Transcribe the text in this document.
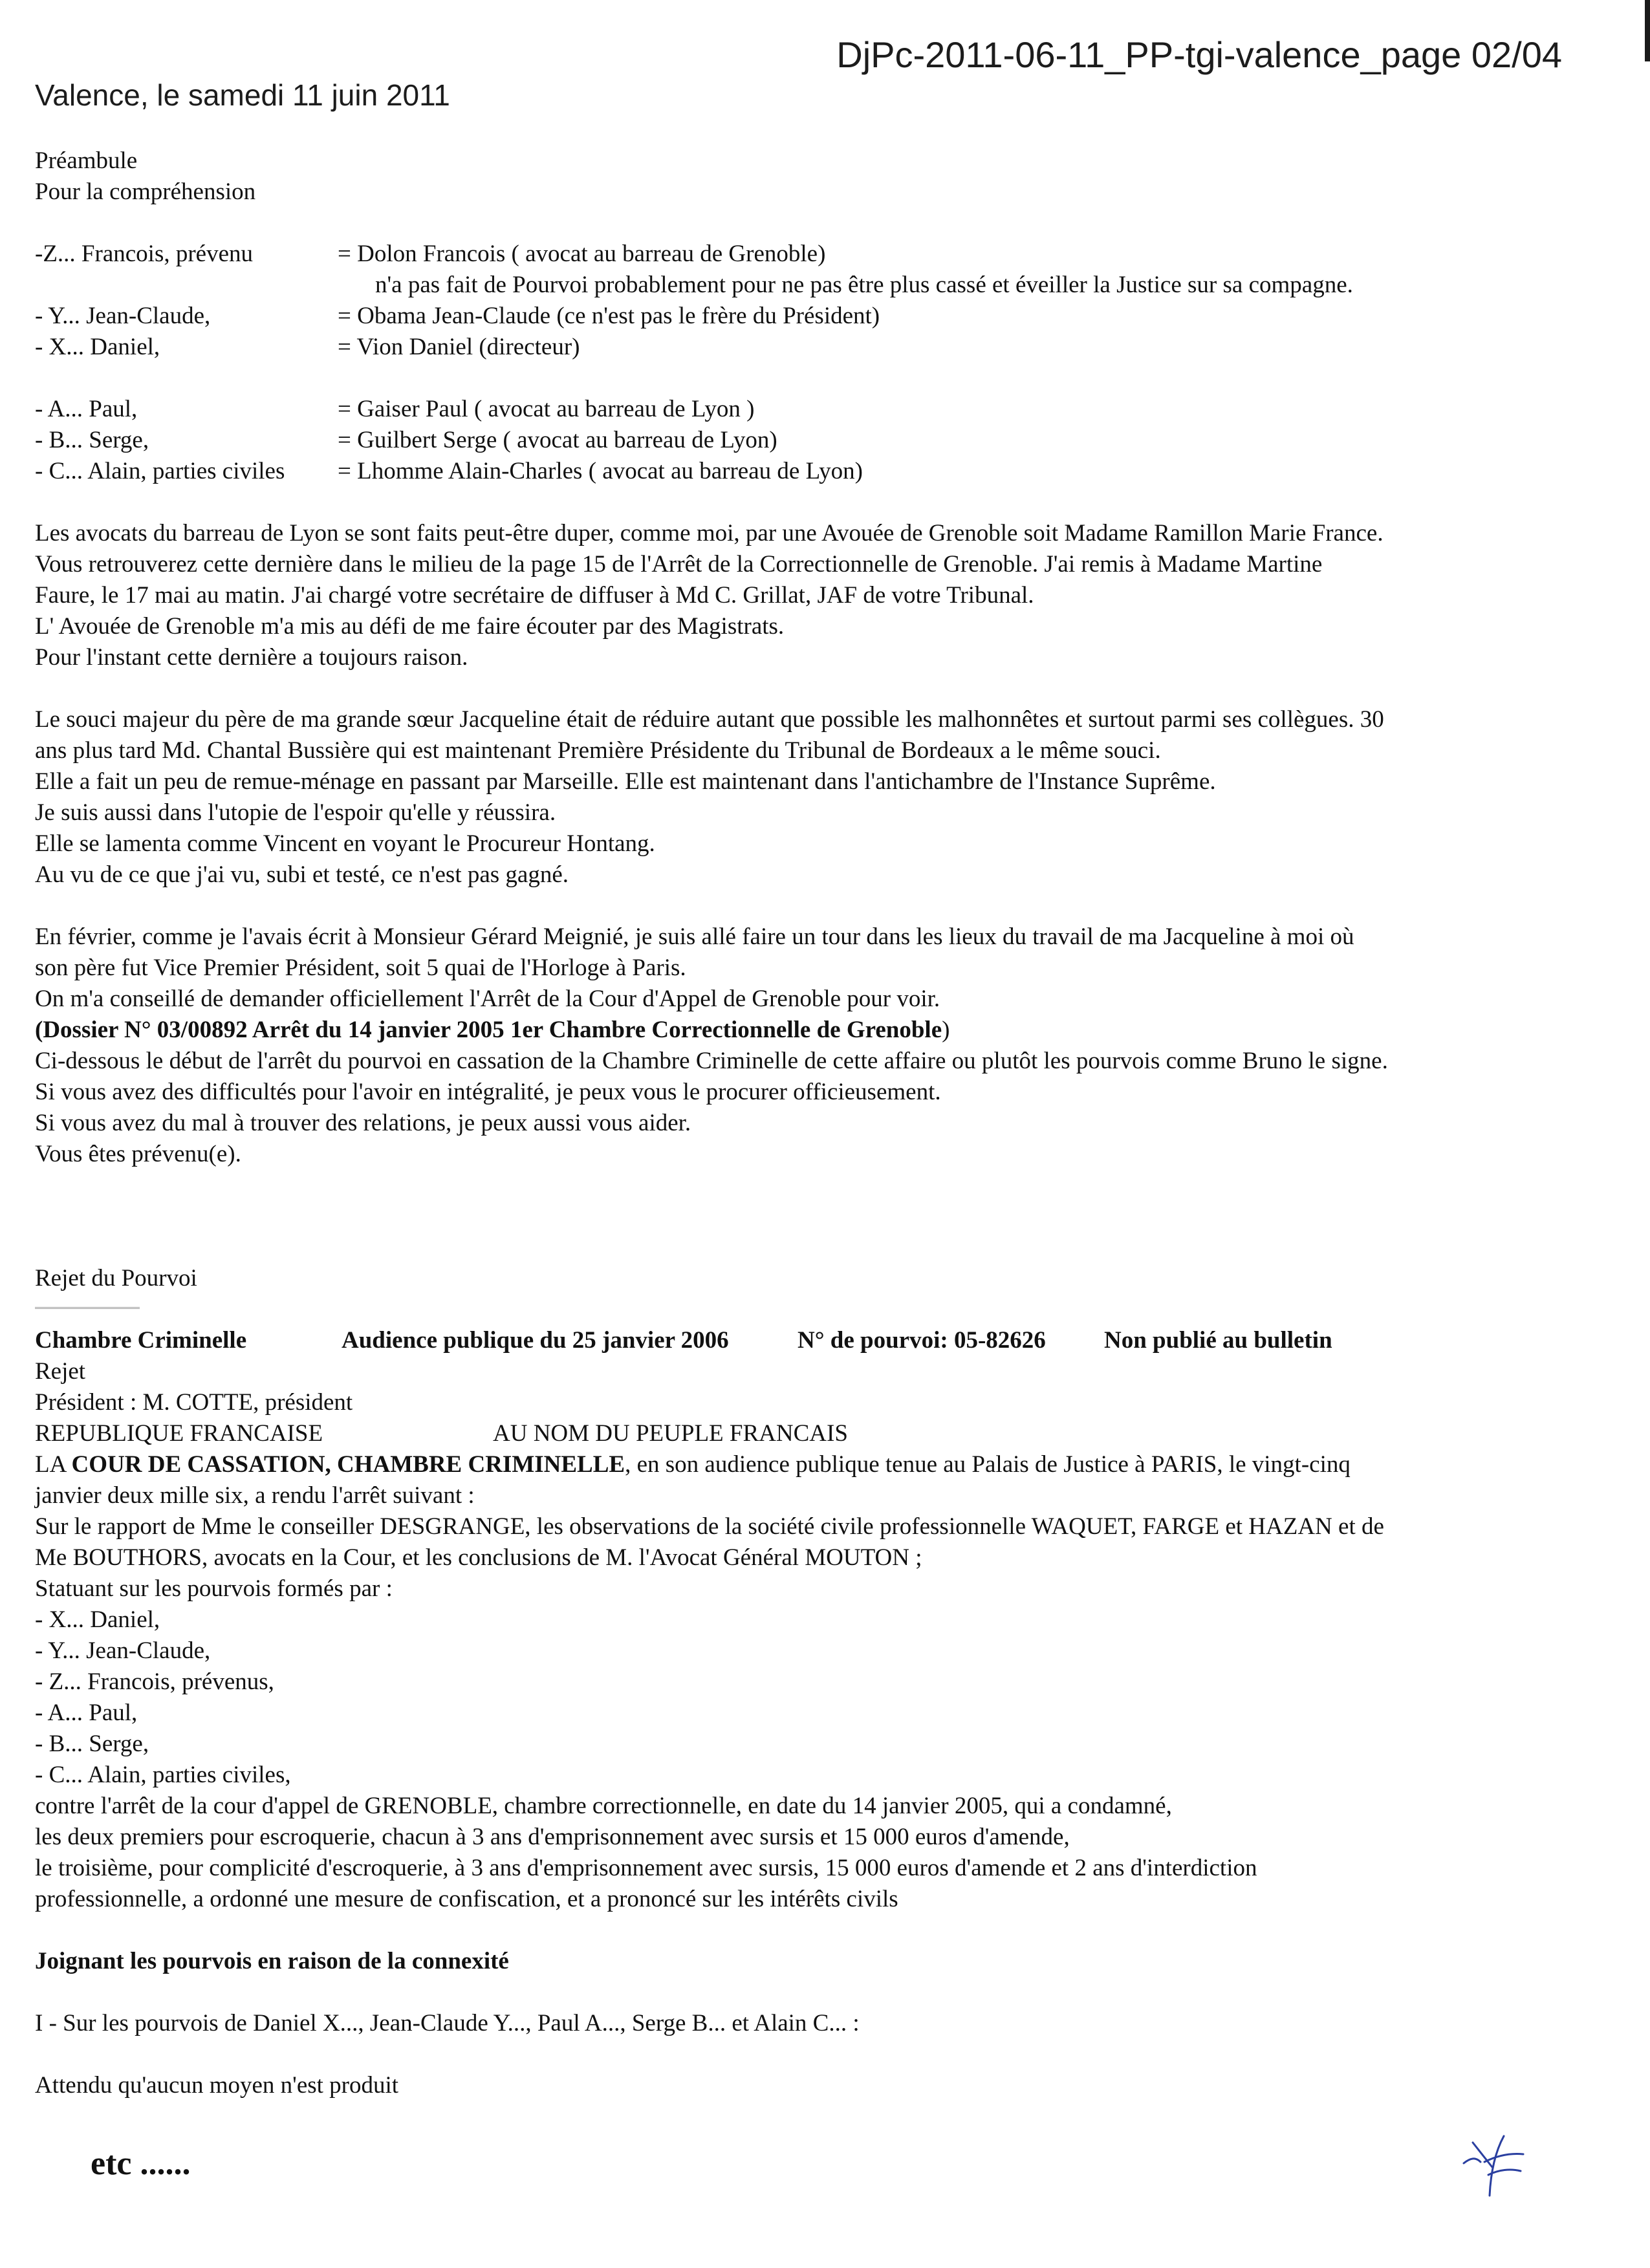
DjPc-2011-06-11_PP-tgi-valence_page 02/04
Valence, le samedi 11 juin 2011
Préambule
Pour la compréhension
-Z... Francois, prévenu	= Dolon Francois ( avocat au barreau de Grenoble)
n'a pas fait de Pourvoi probablement pour ne pas être plus cassé et éveiller la Justice sur sa compagne.
- Y... Jean-Claude,	= Obama Jean-Claude (ce n'est pas le frère du Président)
- X... Daniel,	= Vion Daniel (directeur)
- A... Paul,	= Gaiser Paul ( avocat au barreau de Lyon )
- B... Serge,	= Guilbert Serge ( avocat au barreau de Lyon)
- C... Alain, parties civiles = Lhomme Alain-Charles ( avocat au barreau de Lyon)
Les avocats du barreau de Lyon se sont faits peut-être duper, comme moi, par une Avouée de Grenoble soit Madame Ramillon Marie France.
Vous retrouverez cette dernière dans le milieu de la page 15 de l'Arrêt de la Correctionnelle de Grenoble. J'ai remis à Madame Martine
Faure, le 17 mai au matin. J'ai chargé votre secrétaire de diffuser à Md C. Grillat, JAF de votre Tribunal.
L' Avouée de Grenoble m'a mis au défi de me faire écouter par des Magistrats.
Pour l'instant cette dernière a toujours raison.
Le souci majeur du père de ma grande sœur Jacqueline était de réduire autant que possible les malhonnêtes et surtout parmi ses collègues. 30
ans plus tard Md. Chantal Bussière qui est maintenant Première Présidente du Tribunal de Bordeaux a le même souci.
Elle a fait un peu de remue-ménage en passant par Marseille. Elle est maintenant dans l'antichambre de l'Instance Suprême.
Je suis aussi dans l'utopie de l'espoir qu'elle y réussira.
Elle se lamenta comme Vincent en voyant le Procureur Hontang.
Au vu de ce que j'ai vu, subi et testé, ce n'est pas gagné.
En février, comme je l'avais écrit à Monsieur Gérard Meignié, je suis allé faire un tour dans les lieux du travail de ma Jacqueline à moi où
son père fut Vice Premier Président, soit 5 quai de l'Horloge à Paris.
On m'a conseillé de demander officiellement l'Arrêt de la Cour d'Appel de Grenoble pour voir.
(Dossier N° 03/00892 Arrêt du 14 janvier 2005 1er Chambre Correctionnelle de Grenoble)
Ci-dessous le début de l'arrêt du pourvoi en cassation de la Chambre Criminelle de cette affaire ou plutôt les pourvois comme Bruno le signe.
Si vous avez des difficultés pour l'avoir en intégralité, je peux vous le procurer officieusement.
Si vous avez du mal à trouver des relations, je peux aussi vous aider.
Vous êtes prévenu(e).
Rejet du Pourvoi
Chambre Criminelle	Audience publique du 25 janvier 2006	N° de pourvoi: 05-82626 Non publié au bulletin
Rejet
Président : M. COTTE, président
REPUBLIQUE FRANCAISE	AU NOM DU PEUPLE FRANCAIS
LA COUR DE CASSATION, CHAMBRE CRIMINELLE, en son audience publique tenue au Palais de Justice à PARIS, le vingt-cinq
janvier deux mille six, a rendu l'arrêt suivant :
Sur le rapport de Mme le conseiller DESGRANGE, les observations de la société civile professionnelle WAQUET, FARGE et HAZAN et de
Me BOUTHORS, avocats en la Cour, et les conclusions de M. l'Avocat Général MOUTON ;
Statuant sur les pourvois formés par :
- X... Daniel,
- Y... Jean-Claude,
- Z... Francois, prévenus,
- A... Paul,
- B... Serge,
- C... Alain, parties civiles,
contre l'arrêt de la cour d'appel de GRENOBLE, chambre correctionnelle, en date du 14 janvier 2005, qui a condamné,
les deux premiers pour escroquerie, chacun à 3 ans d'emprisonnement avec sursis et 15 000 euros d'amende,
le troisième, pour complicité d'escroquerie, à 3 ans d'emprisonnement avec sursis, 15 000 euros d'amende et 2 ans d'interdiction
professionnelle, a ordonné une mesure de confiscation, et a prononcé sur les intérêts civils
Joignant les pourvois en raison de la connexité
I - Sur les pourvois de Daniel X..., Jean-Claude Y..., Paul A..., Serge B... et Alain C... :
Attendu qu'aucun moyen n'est produit
etc ......
